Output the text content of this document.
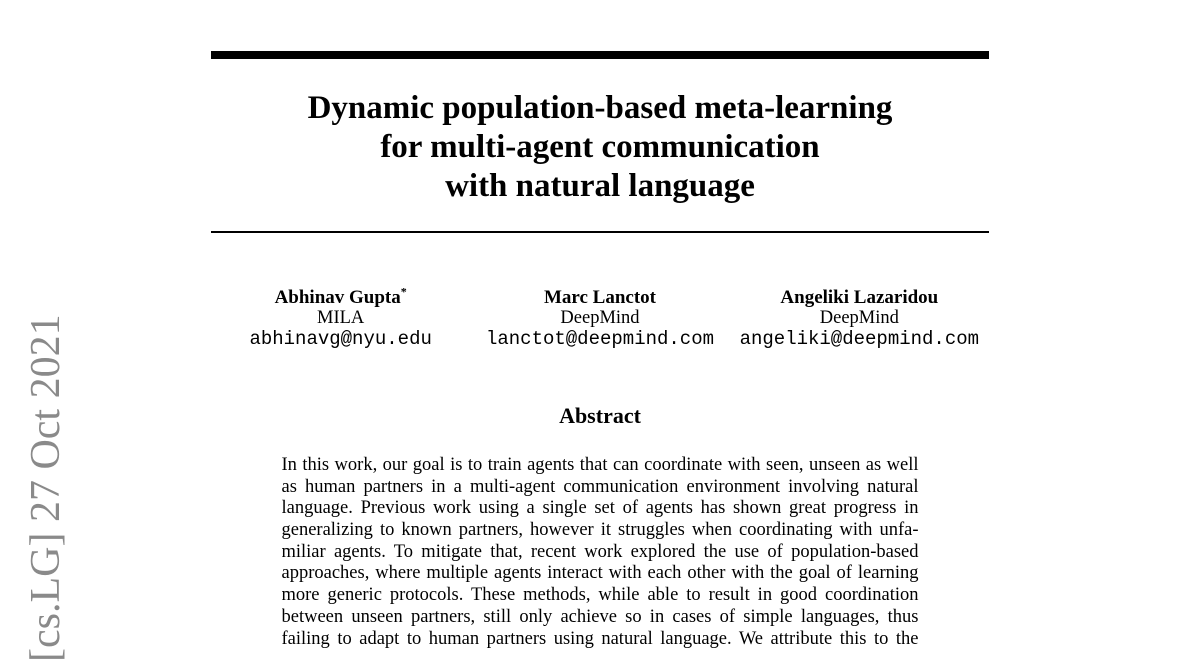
[cs.LG] 27 Oct 2021
Dynamic population-based meta-learning
for multi-agent communication
with natural language
Abhinav Gupta*
MILA
abhinavg@nyu.edu
Marc Lanctot
DeepMind
lanctot@deepmind.com
Angeliki Lazaridou
DeepMind
angeliki@deepmind.com
Abstract
In this work, our goal is to train agents that can coordinate with seen, unseen as well
as human partners in a multi-agent communication environment involving natural
language. Previous work using a single set of agents has shown great progress in
generalizing to known partners, however it struggles when coordinating with unfa-
miliar agents. To mitigate that, recent work explored the use of population-based
approaches, where multiple agents interact with each other with the goal of learning
more generic protocols. These methods, while able to result in good coordination
between unseen partners, still only achieve so in cases of simple languages, thus
failing to adapt to human partners using natural language. We attribute this to the
